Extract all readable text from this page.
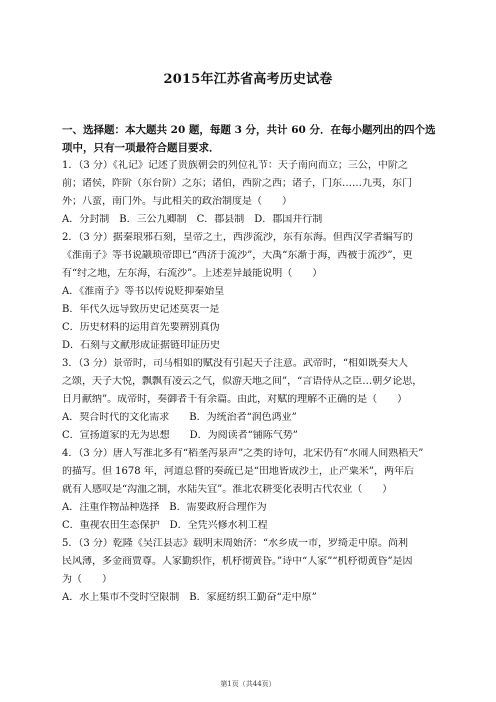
2015年江苏省高考历史试卷
一、选择题：本大题共 20 题，每题 3 分，共计 60 分．在每小题列出的四个选
项中，只有一项最符合题目要求．
1．（3 分）《礼记》记述了贵族朝会的列位礼节：天子南向而立；三公，中阶之
前；诸侯，阼阶（东台阶）之东；诸伯，西阶之西；诸子，门东……九夷，东门
外；八蛮，南门外。与此相关的政治制度是（　　）
A．分封制　B．三公九卿制　C．郡县制　D．郡国并行制
2．（3 分）据秦琅邪石刻，皇帝之土，西涉流沙，东有东海。但西汉学者编写的
《淮南子》等书说颛顼帝即已“西济于流沙”，大禹“东渐于海，西被于流沙”，更
有“纣之地，左东海，右流沙”。上述差异最能说明（　　）
A．《淮南子》等书以传说贬抑秦始皇
B．年代久远导致历史记述莫衷一是
C．历史材料的运用首先要辨别真伪
D．石刻与文献形成证据链印证历史
3．（3 分）景帝时，司马相如的赋没有引起天子注意。武帝时，“相如既奏大人
之颂，天子大悦，飘飘有凌云之气，似游天地之间”，“言语侍从之臣…朝夕论思，
日月献纳”。成帝时，奏御者千有余篇。由此，对赋的理解不正确的是（　　）
A．契合时代的文化需求　　B．为统治者“润色鸿业”
C．宣扬道家的无为思想　　D．为阅读者“铺陈气势”
4．（3 分）唐人写淮北多有“稻垄泻泉声”之类的诗句，北宋仍有“水闹人间熟稻天”
的描写。但 1678 年，河道总督的奏疏已是“田地皆成沙土，止产粟米”，两年后
就有人感叹是“沟洫之制，水陆失宜”。淮北农耕变化表明古代农业（　　）
A．注重作物品种选择　B．需要政府合理作为
C．重视农田生态保护　D．全凭兴修水利工程
5．（3 分）乾隆《吴江县志》载明末周始济：“水乡成一市，罗绮走中原。尚利
民风薄，多金商贾尊。人家勤织作，机杼彻黄昏。”诗中“人家”“机杼彻黄昏”是因
为（　　）
A．水上集市不受时空限制　B．家庭纺织工勤奋“走中原”
第1页（共44页）
